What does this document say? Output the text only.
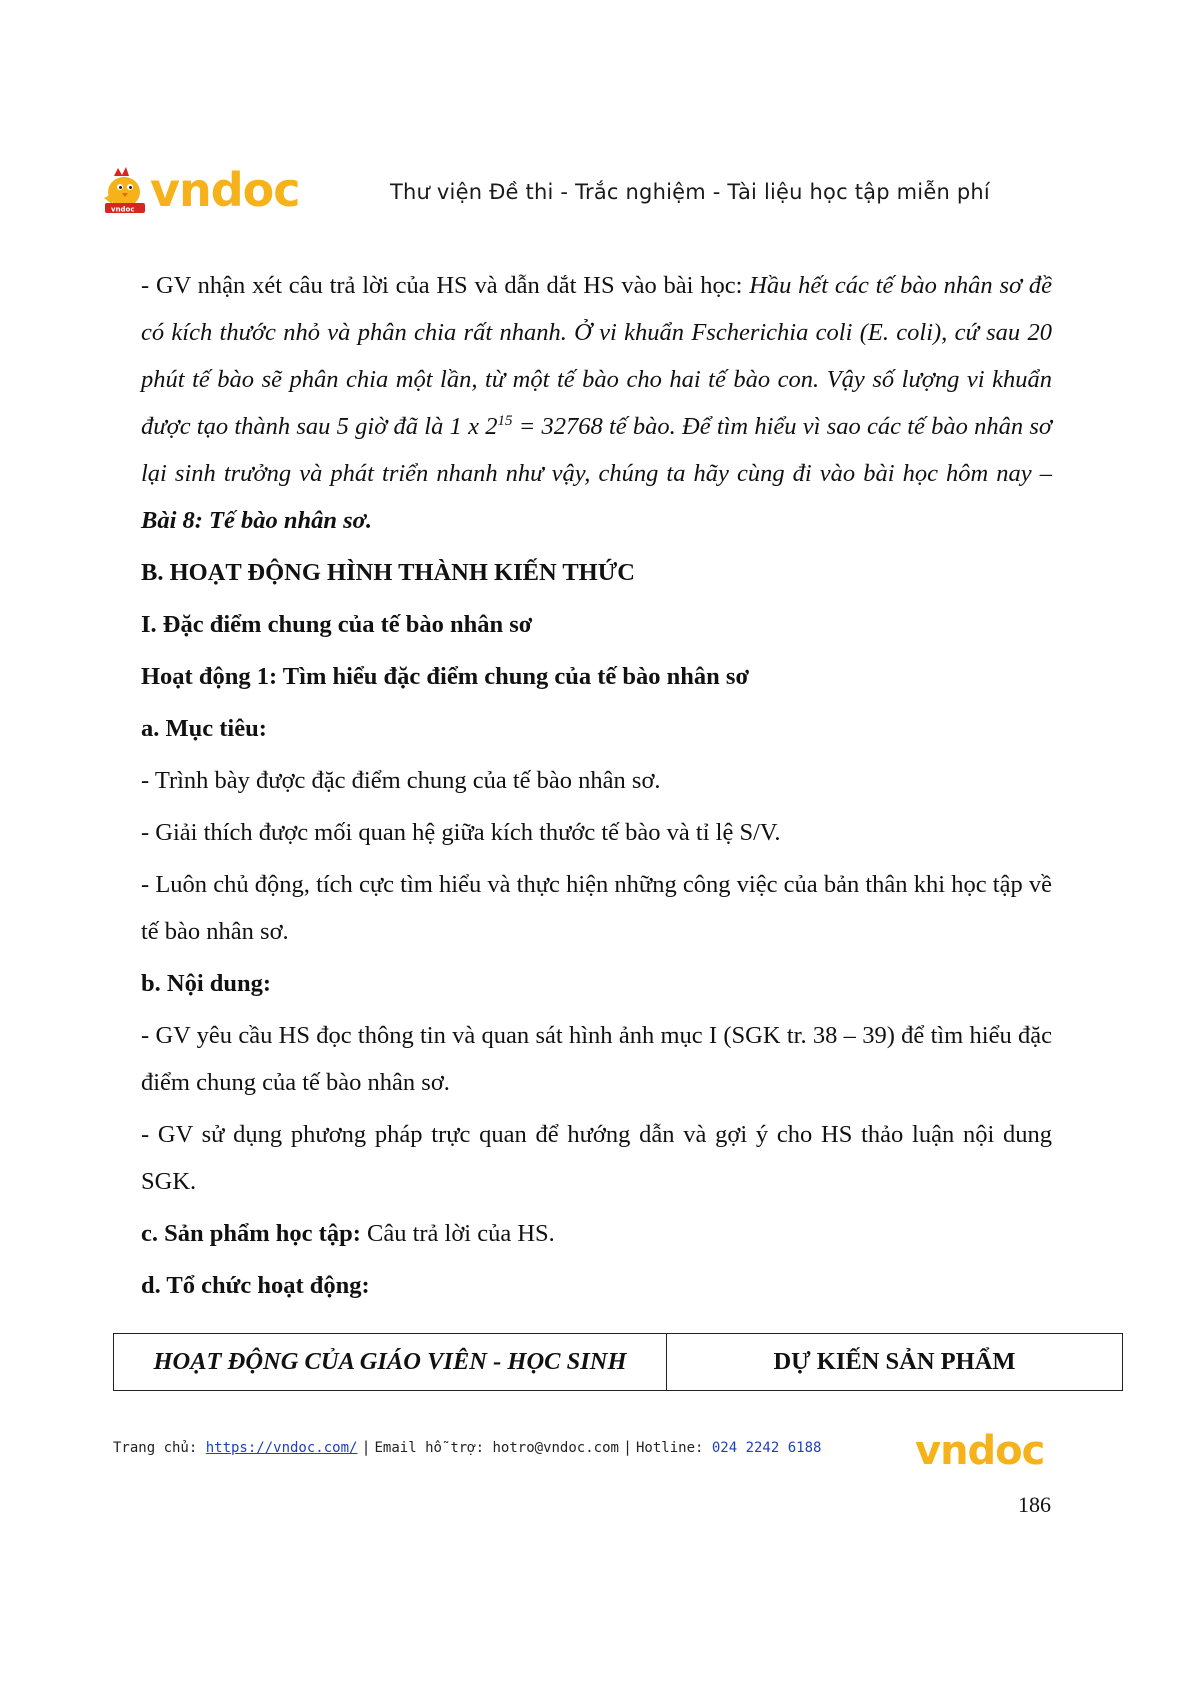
vndoc vndoc	Thư viện Đề thi - Trắc nghiệm - Tài liệu học tập miễn phí

- GV nhận xét câu trả lời của HS và dẫn dắt HS vào bài học: Hầu hết các tế bào nhân sơ đề có kích thước nhỏ và phân chia rất nhanh. Ở vi khuẩn Fscherichia coli (E. coli), cứ sau 20 phút tế bào sẽ phân chia một lần, từ một tế bào cho hai tế bào con. Vậy số lượng vi khuẩn được tạo thành sau 5 giờ đã là 1 x $2^{15} = 32768$ tế bào. Để tìm hiểu vì sao các tế bào nhân sơ lại sinh trưởng và phát triển nhanh như vậy, chúng ta hãy cùng đi vào bài học hôm nay – Bài 8: Tế bào nhân sơ.

B. HOẠT ĐỘNG HÌNH THÀNH KIẾN THỨC

I. Đặc điểm chung của tế bào nhân sơ

Hoạt động 1: Tìm hiểu đặc điểm chung của tế bào nhân sơ

a. Mục tiêu:

- Trình bày được đặc điểm chung của tế bào nhân sơ.

- Giải thích được mối quan hệ giữa kích thước tế bào và tỉ lệ S/V.

- Luôn chủ động, tích cực tìm hiểu và thực hiện những công việc của bản thân khi học tập về tế bào nhân sơ.

b. Nội dung:

- GV yêu cầu HS đọc thông tin và quan sát hình ảnh mục I (SGK tr. 38 – 39) để tìm hiểu đặc điểm chung của tế bào nhân sơ.

- GV sử dụng phương pháp trực quan để hướng dẫn và gợi ý cho HS thảo luận nội dung SGK.

c. Sản phẩm học tập: Câu trả lời của HS.

d. Tổ chức hoạt động:

HOẠT ĐỘNG CỦA GIÁO VIÊN - HỌC SINH	DỰ KIẾN SẢN PHẨM
Trang chủ: https://vndoc.com/ | Email hỗ trợ: hotro@vndoc.com | Hotline: 024 2242 6188 vndoc
186
